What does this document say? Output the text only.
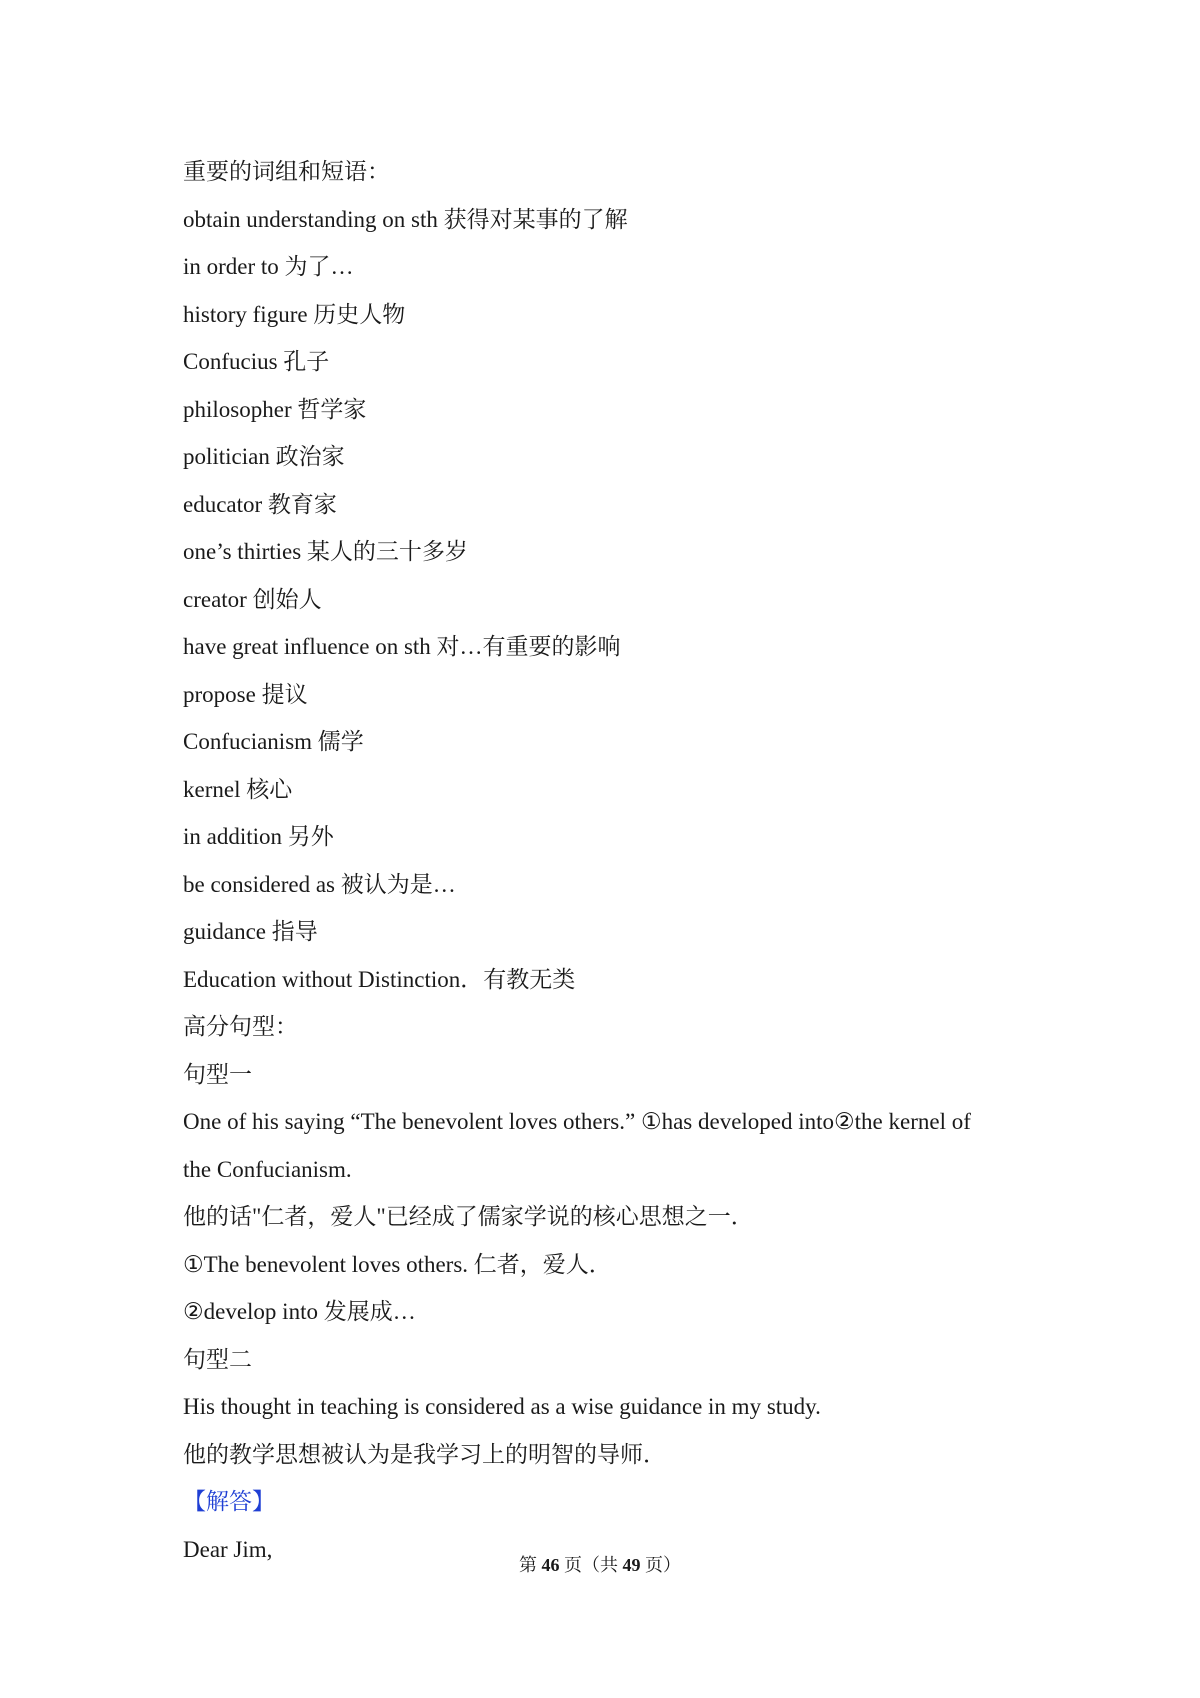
重要的词组和短语：
obtain understanding on sth 获得对某事的了解
in order to 为了…
history figure 历史人物
Confucius 孔子
philosopher 哲学家
politician 政治家
educator 教育家
one’s thirties 某人的三十多岁
creator 创始人
have great influence on sth 对…有重要的影响
propose 提议
Confucianism 儒学
kernel 核心
in addition 另外
be considered as 被认为是…
guidance 指导
Education without Distinction．有教无类
高分句型：
句型一
One of his saying “The benevolent loves others.” ①has developed into②the kernel of
the Confucianism.
他的话"仁者，爱人"已经成了儒家学说的核心思想之一．
①The benevolent loves others. 仁者，爱人．
②develop into 发展成…
句型二
His thought in teaching is considered as a wise guidance in my study.
他的教学思想被认为是我学习上的明智的导师．
【解答】
Dear Jim,
第 46 页（共 49 页）
